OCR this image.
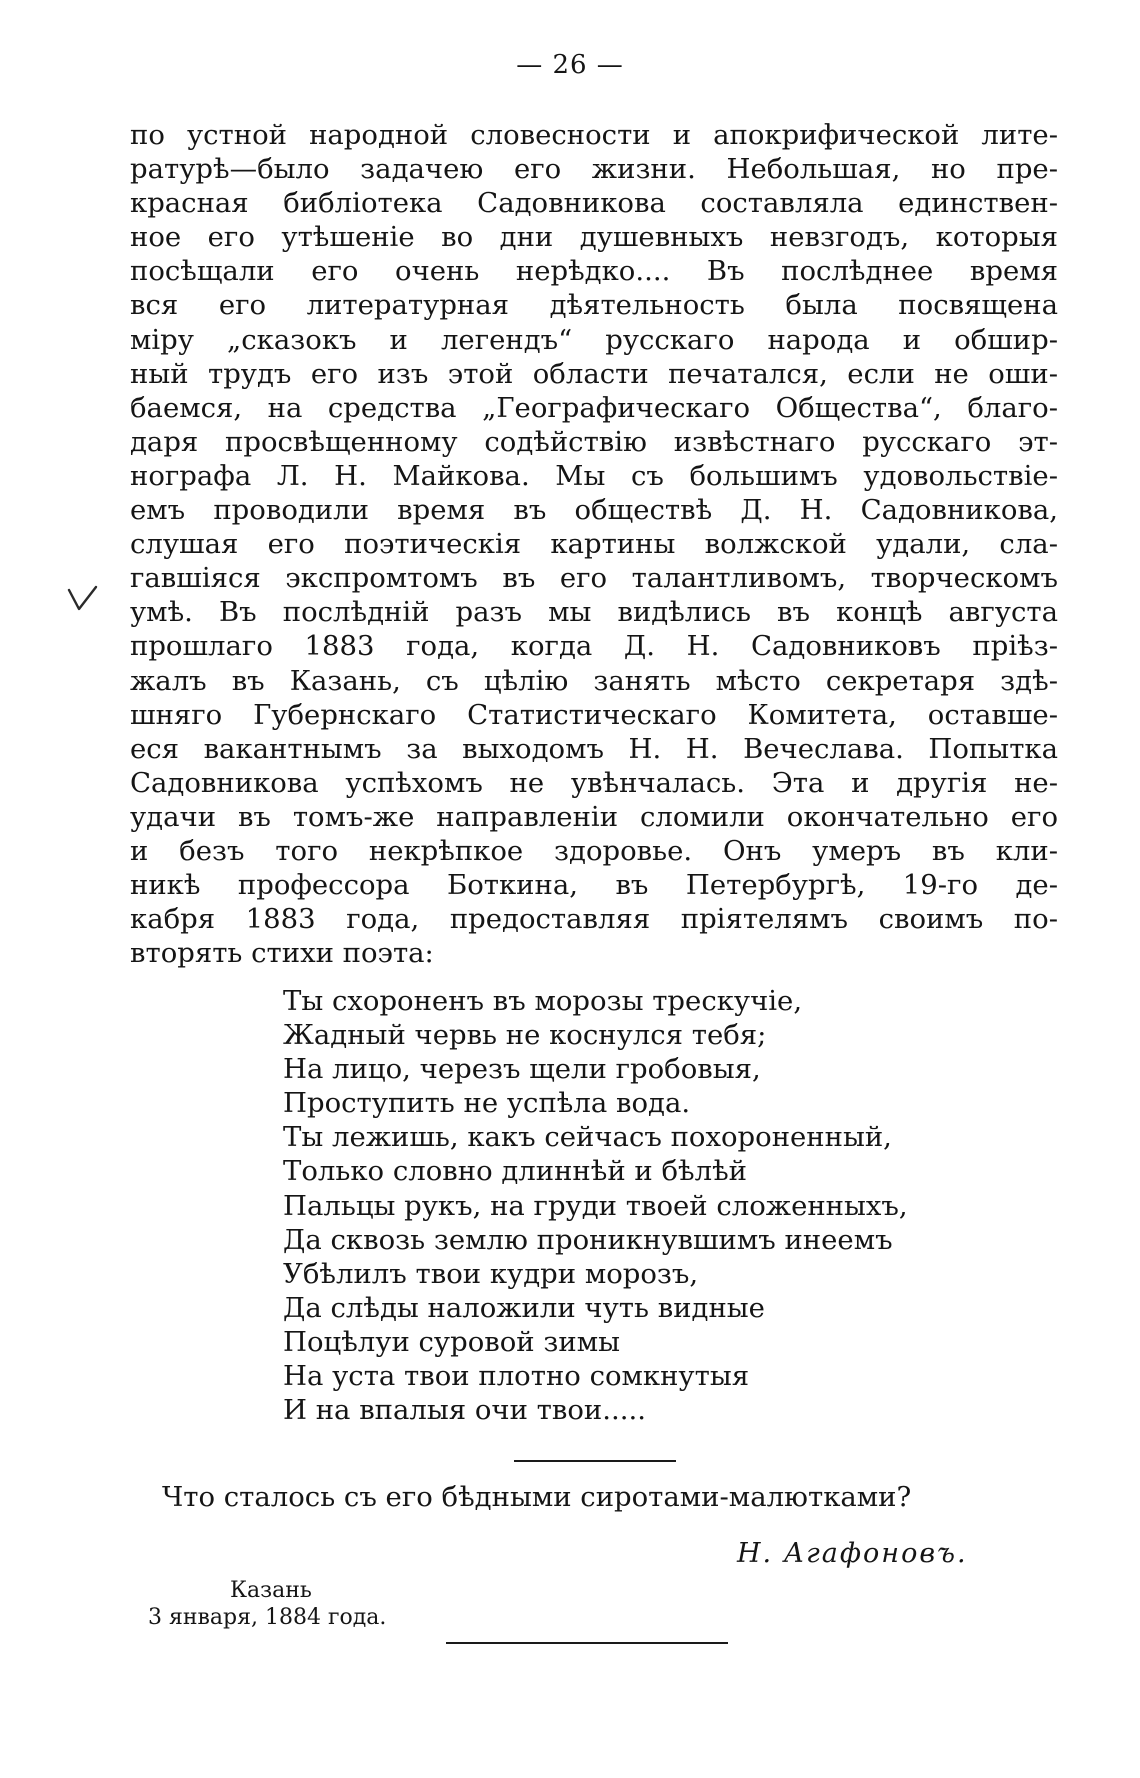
— 26 —
по устной народной словесности и апокрифической лите-
ратурѣ—было задачею его жизни. Небольшая, но пре-
красная библіотека Садовникова составляла единствен-
ное его утѣшеніе во дни душевныхъ невзгодъ, которыя
посѣщали его очень нерѣдко.... Въ послѣднее время
вся его литературная дѣятельность была посвящена
міру „сказокъ и легендъ“ русскаго народа и обшир-
ный трудъ его изъ этой области печатался, если не оши-
баемся, на средства „Географическаго Общества“, благо-
даря просвѣщенному содѣйствію извѣстнаго русскаго эт-
нографа Л. Н. Майкова. Мы съ большимъ удовольствіе-
емъ проводили время въ обществѣ Д. Н. Садовникова,
слушая его поэтическія картины волжской удали, сла-
гавшіяся экспромтомъ въ его талантливомъ, творческомъ
умѣ. Въ послѣдній разъ мы видѣлись въ концѣ августа
прошлаго 1883 года, когда Д. Н. Садовниковъ пріѣз-
жалъ въ Казань, съ цѣлію занять мѣсто секретаря здѣ-
шняго Губернскаго Статистическаго Комитета, оставше-
еся вакантнымъ за выходомъ Н. Н. Вечеслава. Попытка
Садовникова успѣхомъ не увѣнчалась. Эта и другія не-
удачи въ томъ-же направленіи сломили окончательно его
и безъ того некрѣпкое здоровье. Онъ умеръ въ кли-
никѣ профессора Боткина, въ Петербургѣ, 19-го де-
кабря 1883 года, предоставляя пріятелямъ своимъ по-
вторять стихи поэта:
Ты схороненъ въ морозы трескучіе,
Жадный червь не коснулся тебя;
На лицо, черезъ щели гробовыя,
Проступить не успѣла вода.
Ты лежишь, какъ сейчасъ похороненный,
Только словно длиннѣй и бѣлѣй
Пальцы рукъ, на груди твоей сложенныхъ,
Да сквозь землю проникнувшимъ инеемъ
Убѣлилъ твои кудри морозъ,
Да слѣды наложили чуть видные
Поцѣлуи суровой зимы
На уста твои плотно сомкнутыя
И на впалыя очи твои.....
Что сталось съ его бѣдными сиротами-малютками?
Н. Агафоновъ.
Казань
3 января, 1884 года.
